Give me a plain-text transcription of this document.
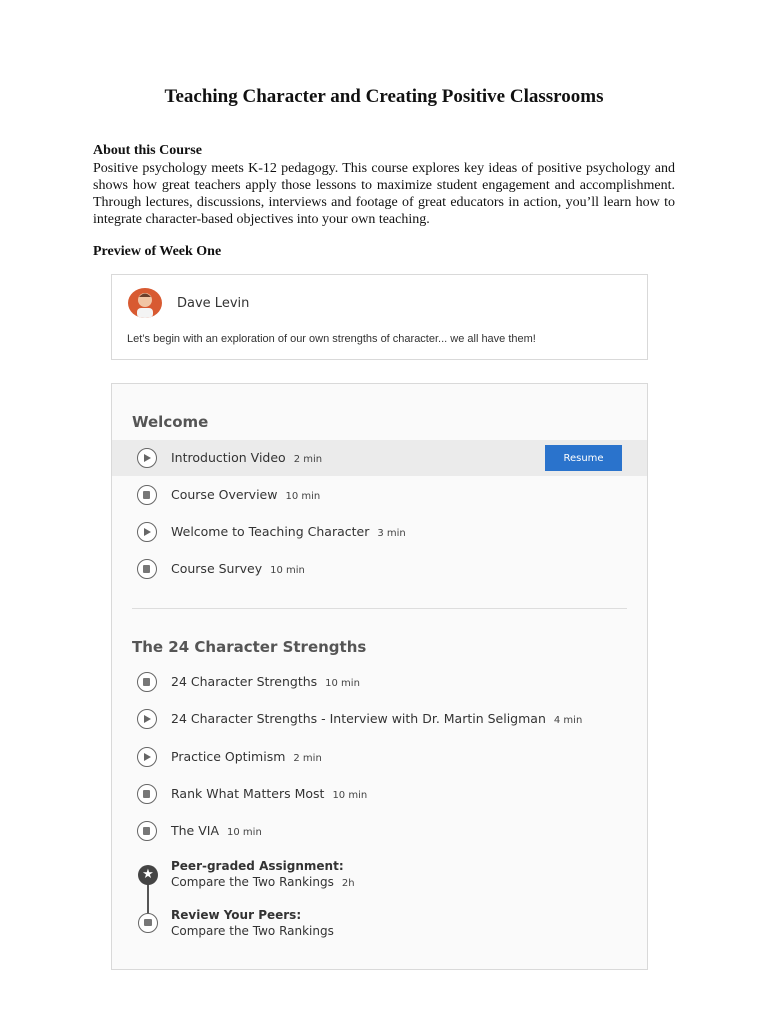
Teaching Character and Creating Positive Classrooms
About this Course

Positive psychology meets K-12 pedagogy. This course explores key ideas of positive psychology and shows how great teachers apply those lessons to maximize student engagement and accomplishment. Through lectures, discussions, interviews and footage of great educators in action, you’ll learn how to integrate character-based objectives into your own teaching.

Preview of Week One
Dave Levin
Let’s begin with an exploration of our own strengths of character... we all have them!
Welcome
Introduction Video 2 min	Resume
Course Overview 10 min
Welcome to Teaching Character 3 min
Course Survey 10 min
The 24 Character Strengths
24 Character Strengths 10 min
24 Character Strengths - Interview with Dr. Martin Seligman 4 min
Practice Optimism 2 min
Rank What Matters Most 10 min
The VIA 10 min
★
Peer-graded Assignment:
Compare the Two Rankings 2h
Review Your Peers:
Compare the Two Rankings
